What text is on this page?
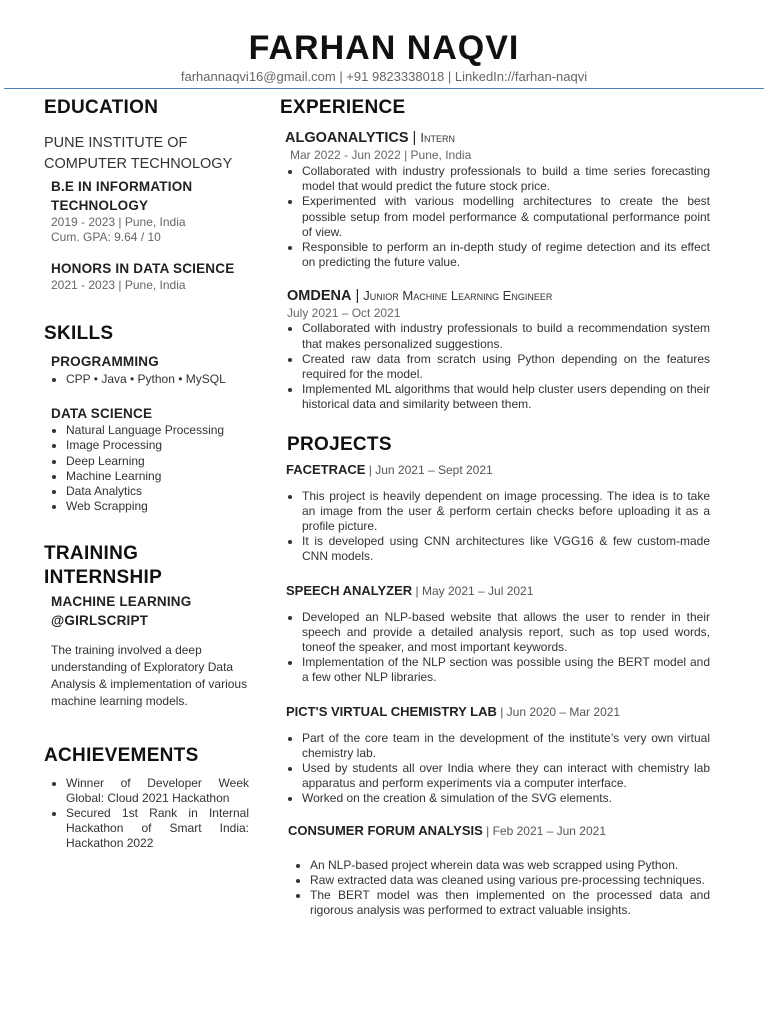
FARHAN NAQVI
farhannaqvi16@gmail.com | +91 9823338018 | LinkedIn://farhan-naqvi
EDUCATION
PUNE INSTITUTE OF
COMPUTER TECHNOLOGY
B.E IN INFORMATION
TECHNOLOGY
2019 - 2023 | Pune, India
Cum. GPA: 9.64 / 10
HONORS IN DATA SCIENCE
2021 - 2023 | Pune, India
SKILLS
PROGRAMMING
• CPP • Java • Python • MySQL
DATA SCIENCE
• Natural Language Processing
• Image Processing
• Deep Learning
• Machine Learning
• Data Analytics
• Web Scrapping
TRAINING
INTERNSHIP
MACHINE LEARNING
@GIRLSCRIPT
The training involved a deep understanding of Exploratory Data Analysis & implementation of various machine learning models.
ACHIEVEMENTS
• Winner of Developer Week Global: Cloud 2021 Hackathon
• Secured 1st Rank in Internal Hackathon of Smart India: Hackathon 2022
EXPERIENCE
ALGOANALYTICS | Intern
Mar 2022 - Jun 2022 | Pune, India
• Collaborated with industry professionals to build a time series forecasting model that would predict the future stock price.
• Experimented with various modelling architectures to create the best possible setup from model performance & computational performance point of view.
• Responsible to perform an in-depth study of regime detection and its effect on predicting the future value.
OMDENA | Junior Machine Learning Engineer
July 2021 – Oct 2021
• Collaborated with industry professionals to build a recommendation system that makes personalized suggestions.
• Created raw data from scratch using Python depending on the features required for the model.
• Implemented ML algorithms that would help cluster users depending on their historical data and similarity between them.
PROJECTS
FACETRACE | Jun 2021 – Sept 2021
• This project is heavily dependent on image processing. The idea is to take an image from the user & perform certain checks before uploading it as a profile picture.
• It is developed using CNN architectures like VGG16 & few custom-made CNN models.
SPEECH ANALYZER | May 2021 – Jul 2021
• Developed an NLP-based website that allows the user to render in their speech and provide a detailed analysis report, such as top used words, toneof the speaker, and most important keywords.
• Implementation of the NLP section was possible using the BERT model and a few other NLP libraries.
PICT'S VIRTUAL CHEMISTRY LAB | Jun 2020 – Mar 2021
• Part of the core team in the development of the institute’s very own virtual chemistry lab.
• Used by students all over India where they can interact with chemistry lab apparatus and perform experiments via a computer interface.
• Worked on the creation & simulation of the SVG elements.
CONSUMER FORUM ANALYSIS | Feb 2021 – Jun 2021
• An NLP-based project wherein data was web scrapped using Python.
• Raw extracted data was cleaned using various pre-processing techniques.
• The BERT model was then implemented on the processed data and rigorous analysis was performed to extract valuable insights.
